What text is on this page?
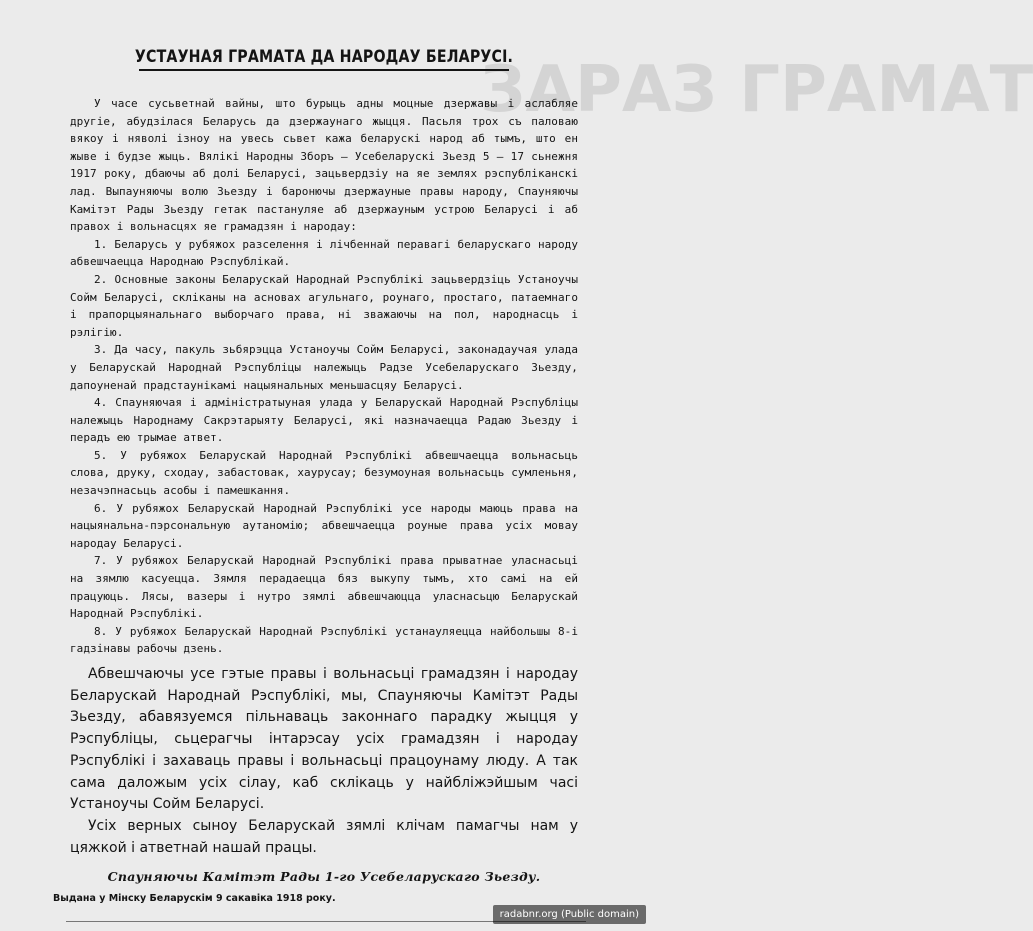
ЗАРАЗ ГРАМАТ
УСТАУНАЯ ГРАМАТА ДА НАРОДАУ БЕЛАРУСІ.

У часе сусьветнай вайны, што бурыць адны моцные дзержавы і аслабляе другіе, абудзілася Беларусь да дзержаунаго жыцця. Пасьля трох съ паловаю вякоу і няволі ізноу на увесь сьвет кажа беларускі народ аб тымъ, што ен жыве і будзе жыць. Вялікі Народны Зборъ — Усебеларускі Зьезд 5 — 17 сьнежня 1917 року, дбаючы аб долі Беларусі, зацьвердзіу на яе землях рэспубліканскі лад. Выпауняючы волю Зьезду і баронючы дзержауные правы народу, Спауняючы Камітэт Рады Зьезду гетак пастануляе аб дзержауным устрою Беларусі і аб правох і вольнасцях яе грамадзян і народау:

1. Беларусь у рубяжох разселення і лічбеннай перавагі беларускаго народу абвешчаецца Народнаю Рэспублікай.

2. Основные законы Беларускай Народнай Рэспублікі зацьвердзіць Устаноучы Сойм Беларусі, скліканы на асновах агульнаго, роунаго, простаго, патаемнаго і прапорцыянальнаго выборчаго права, ні зважаючы на пол, народнасць і рэлігію.

3. Да часу, пакуль зьбярэцца Устаноучы Сойм Беларусі, законадаучая улада у Беларускай Народнай Рэспубліцы належыць Радзе Усебеларускаго Зьезду, дапоуненай прадстаунікамі нацыянальных меньшасцяу Беларусі.

4. Спауняючая і адміністратыуная улада у Беларускай Народнай Рэспубліцы належыць Народнаму Сакрэтарыяту Беларусі, які назначаецца Радаю Зьезду і перадъ ею трымае атвет.

5. У рубяжох Беларускай Народнай Рэспублікі абвешчаецца вольнасьць слова, друку, сходау, забастовак, хаурусау; безумоуная вольнасьць сумленьня, незачэпнасьць асобы і памешкання.

6. У рубяжох Беларускай Народнай Рэспублікі усе народы маюць права на нацыянальна-пэрсональную аутаномію; абвешчаецца роуные права усіх мовау народау Беларусі.

7. У рубяжох Беларускай Народнай Рэспублікі права прыватнае уласнасьці на зямлю касуецца. Зямля перадаецца бяз выкупу тымъ, хто самі на ей працуюць. Лясы, вазеры і нутро зямлі абвешчаюцца уласнасьцю Беларускай Народнай Рэспублікі.

8. У рубяжох Беларускай Народнай Рэспублікі устанауляецца найбольшы 8-і гадзінавы рабочы дзень.

Абвешчаючы усе гэтые правы і вольнасьці грамадзян і народау Беларускай Народнай Рэспублікі, мы, Спауняючы Камітэт Рады Зьезду, абавязуемся пільнаваць законнаго парадку жыцця у Рэспубліцы, сьцерагчы інтарэсау усіх грамадзян і народау Рэспублікі і захаваць правы і вольнасьці працоунаму люду. А так сама даложым усіх сілау, каб склікаць у найбліжэйшым часі Устаноучы Сойм Беларусі.

Усіх верных сыноу Беларускай зямлі клічам памагчы нам у цяжкой і атветнай нашай працы.

Спауняючы Камітэт Рады 1-го Усебеларускаго Зьезду.
Выдана у Мінску Беларускім 9 сакавіка 1918 року.
radabnr.org (Public domain)
